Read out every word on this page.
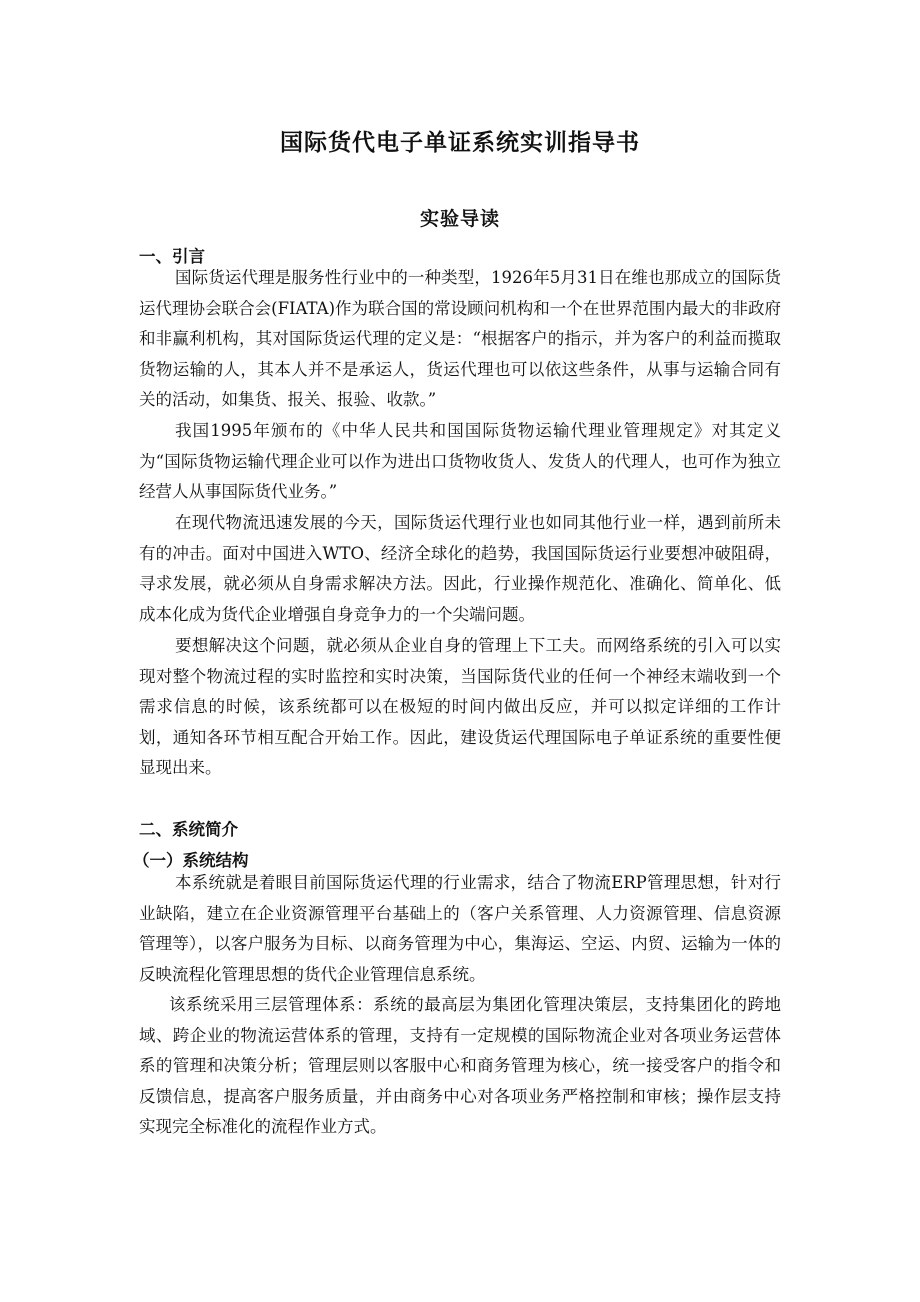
国际货代电子单证系统实训指导书
实验导读
一、引言

国际货运代理是服务性行业中的一种类型，1926年5月31日在维也那成立的国际货运代理协会联合会(FIATA)作为联合国的常设顾问机构和一个在世界范围内最大的非政府和非赢利机构，其对国际货运代理的定义是：“根据客户的指示，并为客户的利益而揽取货物运输的人，其本人并不是承运人，货运代理也可以依这些条件，从事与运输合同有关的活动，如集货、报关、报验、收款。”

我国1995年颁布的《中华人民共和国国际货物运输代理业管理规定》对其定义为“国际货物运输代理企业可以作为进出口货物收货人、发货人的代理人，也可作为独立经营人从事国际货代业务。”

在现代物流迅速发展的今天，国际货运代理行业也如同其他行业一样，遇到前所未有的冲击。面对中国进入WTO、经济全球化的趋势，我国国际货运行业要想冲破阻碍，寻求发展，就必须从自身需求解决方法。因此，行业操作规范化、准确化、简单化、低成本化成为货代企业增强自身竞争力的一个尖端问题。

要想解决这个问题，就必须从企业自身的管理上下工夫。而网络系统的引入可以实现对整个物流过程的实时监控和实时决策，当国际货代业的任何一个神经末端收到一个需求信息的时候，该系统都可以在极短的时间内做出反应，并可以拟定详细的工作计划，通知各环节相互配合开始工作。因此，建设货运代理国际电子单证系统的重要性便显现出来。

二、系统简介
（一）系统结构

本系统就是着眼目前国际货运代理的行业需求，结合了物流ERP管理思想，针对行业缺陷，建立在企业资源管理平台基础上的（客户关系管理、人力资源管理、信息资源管理等），以客户服务为目标、以商务管理为中心，集海运、空运、内贸、运输为一体的反映流程化管理思想的货代企业管理信息系统。

该系统采用三层管理体系：系统的最高层为集团化管理决策层，支持集团化的跨地域、跨企业的物流运营体系的管理，支持有一定规模的国际物流企业对各项业务运营体系的管理和决策分析；管理层则以客服中心和商务管理为核心，统一接受客户的指令和反馈信息，提高客户服务质量，并由商务中心对各项业务严格控制和审核；操作层支持实现完全标准化的流程作业方式。
